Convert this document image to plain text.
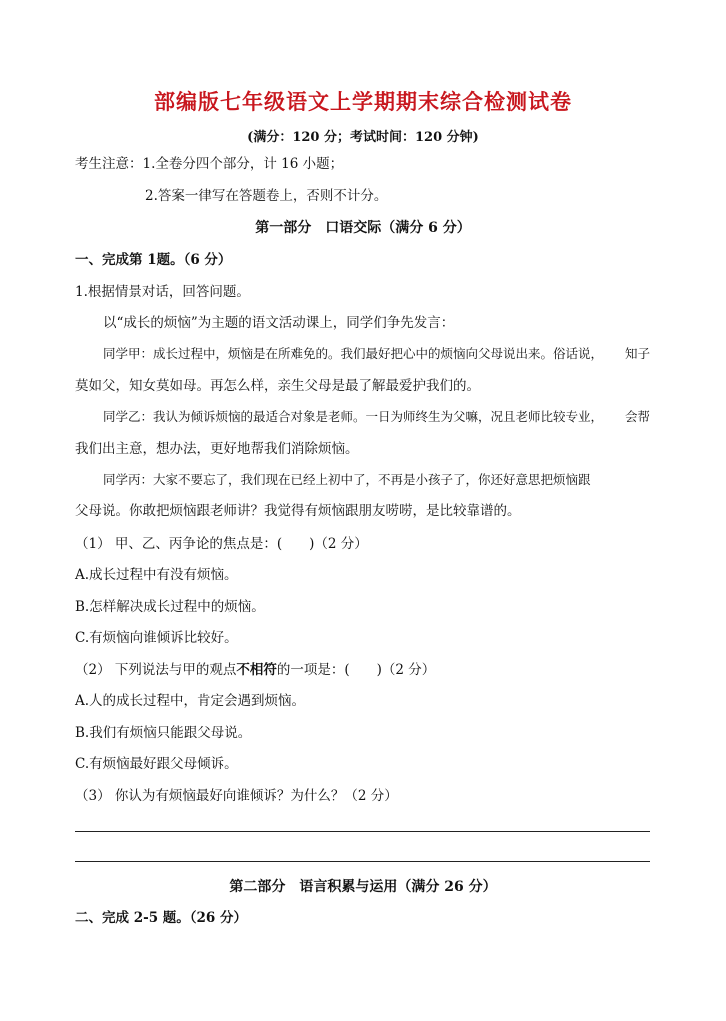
部编版七年级语文上学期期末综合检测试卷
(满分：120 分；考试时间：120 分钟)
考生注意：1.全卷分四个部分，计 16 小题；
2.答案一律写在答题卷上，否则不计分。
第一部分　口语交际（满分 6 分）
一、完成第 1题。（6 分）
1.根据情景对话，回答问题。
以“成长的烦恼”为主题的语文活动课上，同学们争先发言：
同学甲：成长过程中，烦恼是在所难免的。我们最好把心中的烦恼向父母说出来。俗话说， 知子
莫如父，知女莫如母。再怎么样，亲生父母是最了解最爱护我们的。
同学乙：我认为倾诉烦恼的最适合对象是老师。一日为师终生为父嘛，况且老师比较专业， 会帮
我们出主意，想办法，更好地帮我们消除烦恼。
同学丙：大家不要忘了，我们现在已经上初中了，不再是小孩子了，你还好意思把烦恼跟
父母说。你敢把烦恼跟老师讲？我觉得有烦恼跟朋友唠唠，是比较靠谱的。
（1） 甲、乙、丙争论的焦点是：(　　)（2 分）
A.成长过程中有没有烦恼。
B.怎样解决成长过程中的烦恼。
C.有烦恼向谁倾诉比较好。
（2） 下列说法与甲的观点不相符的一项是：(　　)（2 分）
A.人的成长过程中，肯定会遇到烦恼。
B.我们有烦恼只能跟父母说。
C.有烦恼最好跟父母倾诉。
（3） 你认为有烦恼最好向谁倾诉？为什么？（2 分）
第二部分　语言积累与运用（满分 26 分）
二、完成 2-5 题。（26 分）
